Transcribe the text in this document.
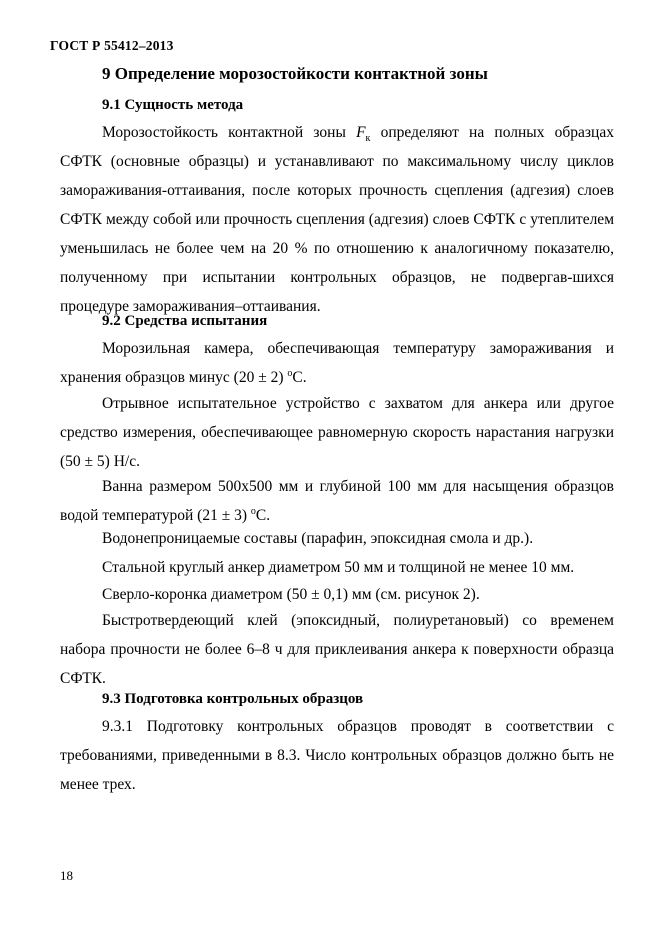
ГОСТ Р 55412–2013
9 Определение морозостойкости контактной зоны
9.1 Сущность метода
Морозостойкость контактной зоны $F_к$ определяют на полных образцах СФТК (основные образцы) и устанавливают по максимальному числу циклов замораживания-оттаивания, после которых прочность сцепления (адгезия) слоев СФТК между собой или прочность сцепления (адгезия) слоев СФТК с утеплителем уменьшилась не более чем на 20 % по отношению к аналогичному показателю, полученному при испытании контрольных образцов, не подвергав-шихся процедуре замораживания–оттаивания.
9.2 Средства испытания
Морозильная камера, обеспечивающая температуру замораживания и хранения образцов минус (20 ± 2) $^о$С.
Отрывное испытательное устройство с захватом для анкера или другое средство измерения, обеспечивающее равномерную скорость нарастания нагрузки (50 ± 5) Н/с.
Ванна размером 500х500 мм и глубиной 100 мм для насыщения образцов водой температурой (21 ± 3) $^о$С.
Водонепроницаемые составы (парафин, эпоксидная смола и др.).
Стальной круглый анкер диаметром 50 мм и толщиной не менее 10 мм.
Сверло-коронка диаметром (50 ± 0,1) мм (см. рисунок 2).
Быстротвердеющий клей (эпоксидный, полиуретановый) со временем набора прочности не более 6–8 ч для приклеивания анкера к поверхности образца СФТК.
9.3 Подготовка контрольных образцов
9.3.1 Подготовку контрольных образцов проводят в соответствии с требованиями, приведенными в 8.3. Число контрольных образцов должно быть не менее трех.
18
